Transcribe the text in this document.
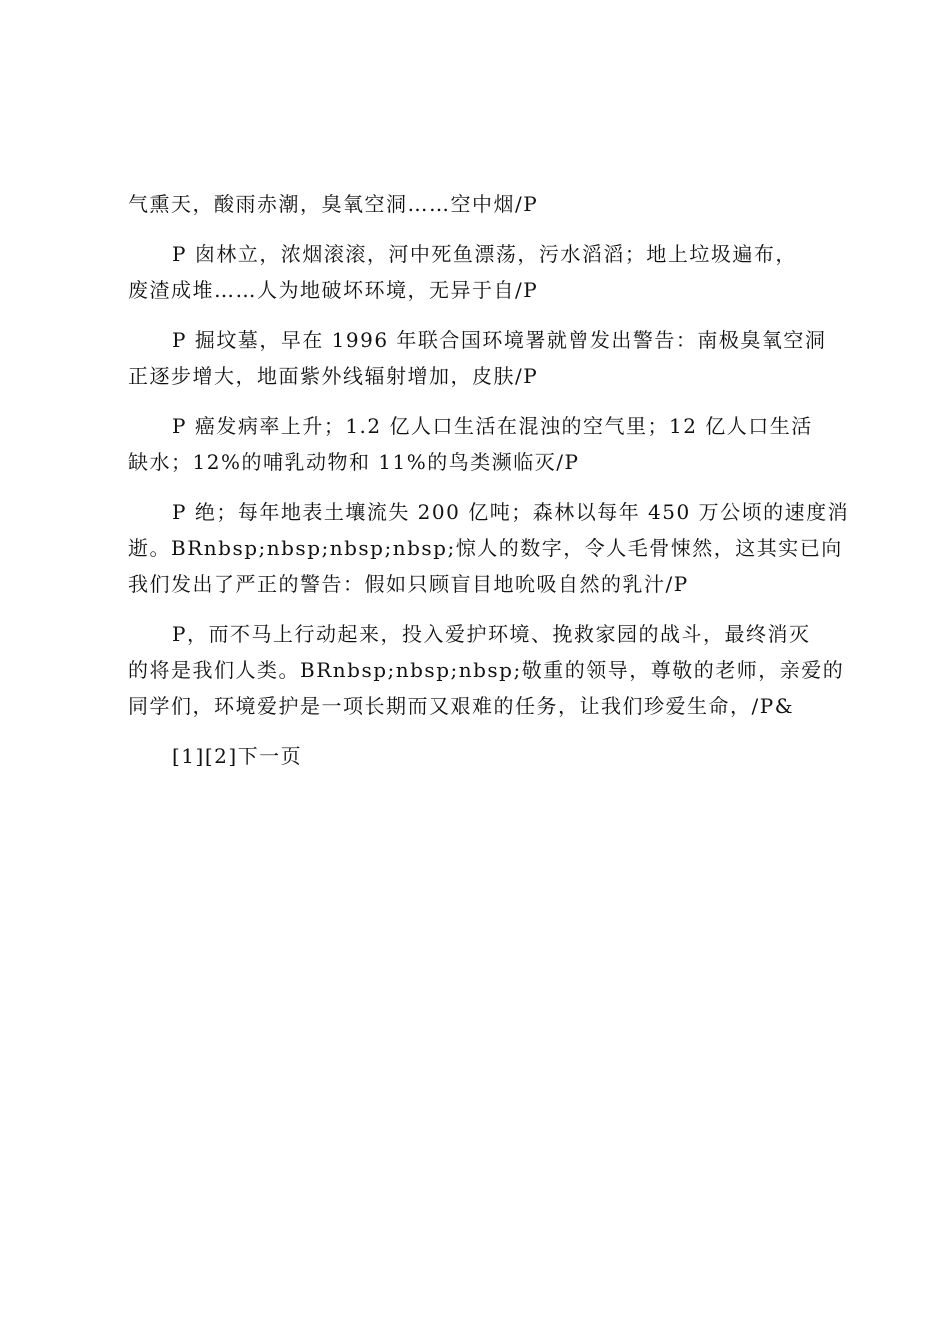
气熏天，酸雨赤潮，臭氧空洞……空中烟/P

P 囱林立，浓烟滚滚，河中死鱼漂荡，污水滔滔；地上垃圾遍布，
废渣成堆……人为地破坏环境，无异于自/P

P 掘坟墓，早在 1996 年联合国环境署就曾发出警告：南极臭氧空洞
正逐步增大，地面紫外线辐射增加，皮肤/P

P 癌发病率上升；1.2 亿人口生活在混浊的空气里；12 亿人口生活
缺水；12%的哺乳动物和 11%的鸟类濒临灭/P

P 绝；每年地表土壤流失 200 亿吨；森林以每年 450 万公顷的速度消
逝。BRnbsp;nbsp;nbsp;nbsp;惊人的数字，令人毛骨悚然，这其实已向
我们发出了严正的警告：假如只顾盲目地吮吸自然的乳汁/P

P，而不马上行动起来，投入爱护环境、挽救家园的战斗，最终消灭
的将是我们人类。BRnbsp;nbsp;nbsp;敬重的领导，尊敬的老师，亲爱的
同学们，环境爱护是一项长期而又艰难的任务，让我们珍爱生命，/P&

[1][2]下一页
